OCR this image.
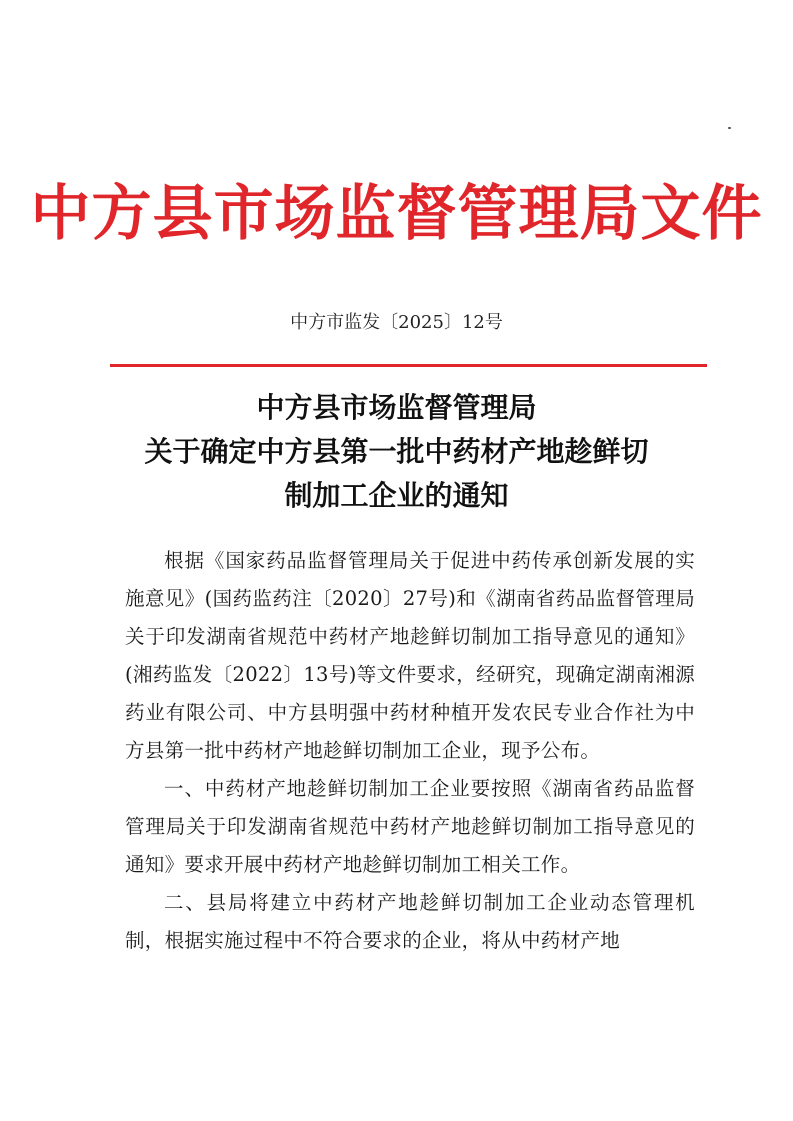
中方县市场监督管理局文件
中方市监发〔2025〕12号
中方县市场监督管理局
关于确定中方县第一批中药材产地趁鲜切
制加工企业的通知

根据《国家药品监督管理局关于促进中药传承创新发展的实施意见》(国药监药注〔2020〕27号)和《湖南省药品监督管理局关于印发湖南省规范中药材产地趁鲜切制加工指导意见的通知》(湘药监发〔2022〕13号)等文件要求，经研究，现确定湖南湘源药业有限公司、中方县明强中药材种植开发农民专业合作社为中方县第一批中药材产地趁鲜切制加工企业，现予公布。

一、中药材产地趁鲜切制加工企业要按照《湖南省药品监督管理局关于印发湖南省规范中药材产地趁鲜切制加工指导意见的通知》要求开展中药材产地趁鲜切制加工相关工作。

二、县局将建立中药材产地趁鲜切制加工企业动态管理机制，根据实施过程中不符合要求的企业，将从中药材产地
